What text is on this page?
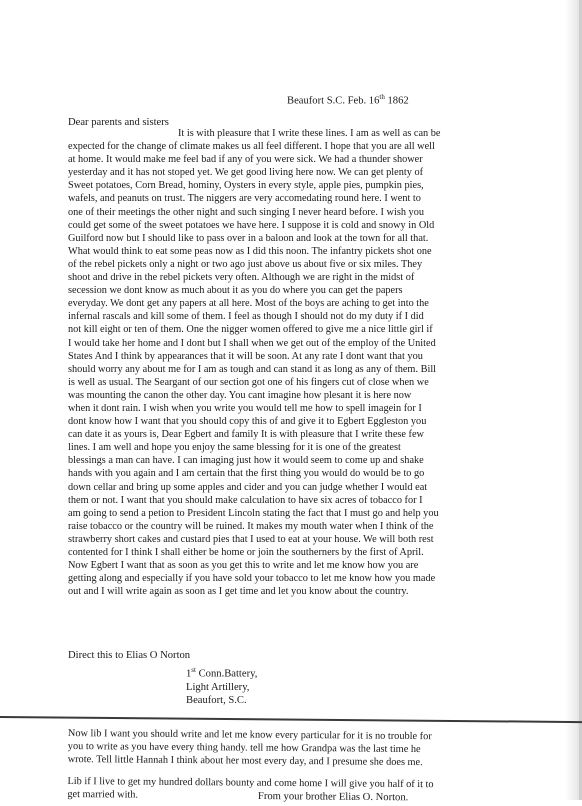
Beaufort S.C. Feb. 16th 1862
Dear parents and sisters
It is with pleasure that I write these lines. I am as well as can be
expected for the change of climate makes us all feel different. I hope that you are all well
at home. It would make me feel bad if any of you were sick. We had a thunder shower
yesterday and it has not stoped yet. We get good living here now. We can get plenty of
Sweet potatoes, Corn Bread, hominy, Oysters in every style, apple pies, pumpkin pies,
wafels, and peanuts on trust. The niggers are very accomedating round here. I went to
one of their meetings the other night and such singing I never heard before. I wish you
could get some of the sweet potatoes we have here. I suppose it is cold and snowy in Old
Guilford now but I should like to pass over in a baloon and look at the town for all that.
What would think to eat some peas now as I did this noon. The infantry pickets shot one
of the rebel pickets only a night or two ago just above us about five or six miles. They
shoot and drive in the rebel pickets very often. Although we are right in the midst of
secession we dont know as much about it as you do where you can get the papers
everyday. We dont get any papers at all here. Most of the boys are aching to get into the
infernal rascals and kill some of them. I feel as though I should not do my duty if I did
not kill eight or ten of them. One the nigger women offered to give me a nice little girl if
I would take her home and I dont but I shall when we get out of the employ of the United
States And I think by appearances that it will be soon. At any rate I dont want that you
should worry any about me for I am as tough and can stand it as long as any of them. Bill
is well as usual. The Seargant of our section got one of his fingers cut of close when we
was mounting the canon the other day. You cant imagine how plesant it is here now
when it dont rain. I wish when you write you would tell me how to spell imagein for I
dont know how I want that you should copy this of and give it to Egbert Eggleston you
can date it as yours is, Dear Egbert and family It is with pleasure that I write these few
lines. I am well and hope you enjoy the same blessing for it is one of the greatest
blessings a man can have. I can imaging just how it would seem to come up and shake
hands with you again and I am certain that the first thing you would do would be to go
down cellar and bring up some apples and cider and you can judge whether I would eat
them or not. I want that you should make calculation to have six acres of tobacco for I
am going to send a petion to President Lincoln stating the fact that I must go and help you
raise tobacco or the country will be ruined. It makes my mouth water when I think of the
strawberry short cakes and custard pies that I used to eat at your house. We will both rest
contented for I think I shall either be home or join the southerners by the first of April.
Now Egbert I want that as soon as you get this to write and let me know how you are
getting along and especially if you have sold your tobacco to let me know how you made
out and I will write again as soon as I get time and let you know about the country.
Direct this to Elias O Norton
1st Conn.Battery,
Light Artillery,
Beaufort, S.C.
Now lib I want you should write and let me know every particular for it is no trouble for
you to write as you have every thing handy. tell me how Grandpa was the last time he
wrote. Tell little Hannah I think about her most every day, and I presume she does me.
Lib if I live to get my hundred dollars bounty and come home I will give you half of it to
get married with.	From your brother Elias O. Norton.
